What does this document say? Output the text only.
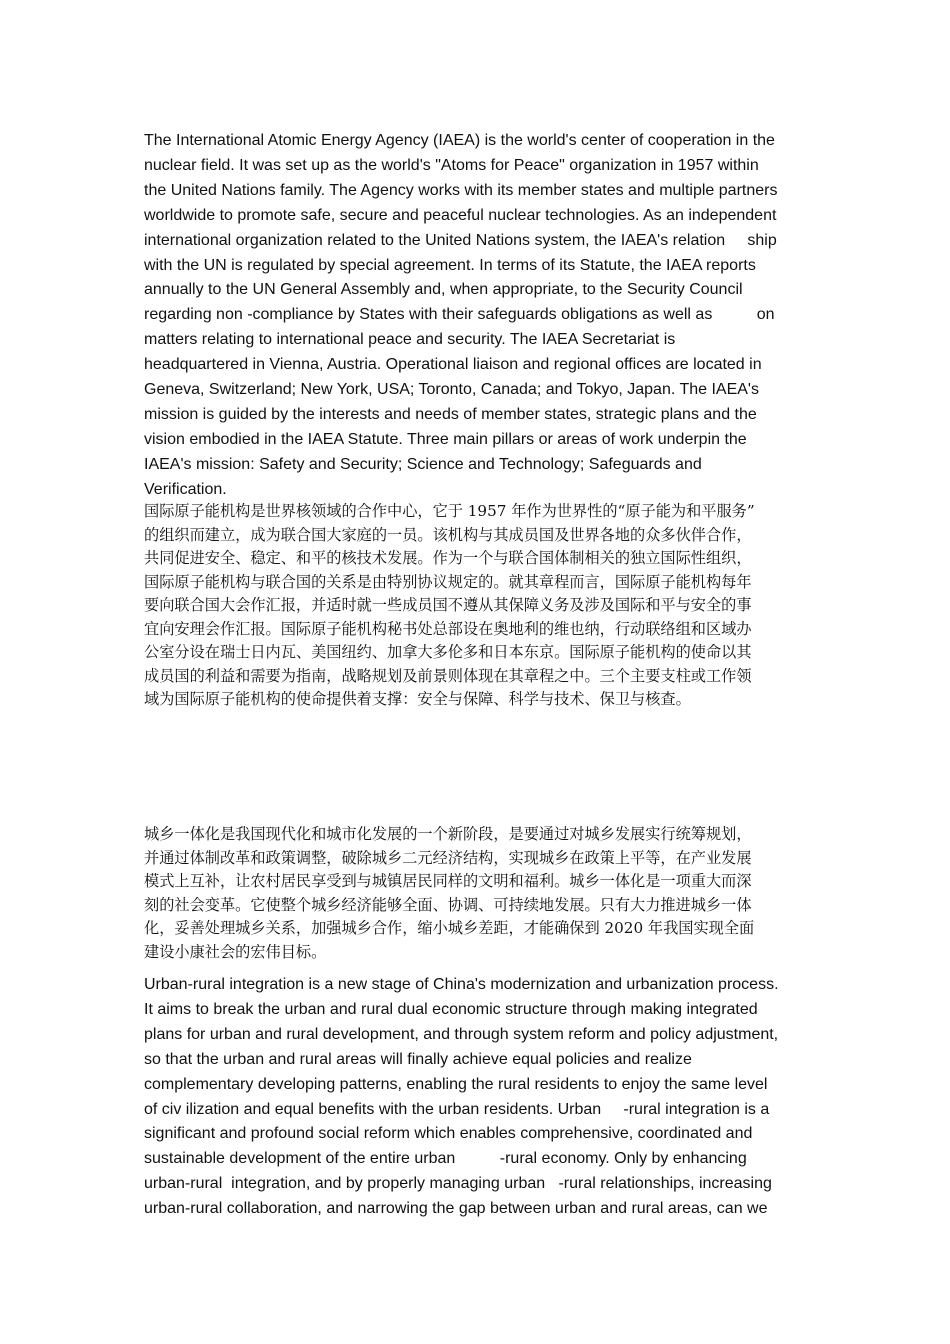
The International Atomic Energy Agency (IAEA) is the world's center of cooperation in the
nuclear field. It was set up as the world's "Atoms for Peace" organization in 1957 within
the United Nations family. The Agency works with its member states and multiple partners
worldwide to promote safe, secure and peaceful nuclear technologies. As an independent
international organization related to the United Nations system, the IAEA's relation     ship
with the UN is regulated by special agreement. In terms of its Statute, the IAEA reports
annually to the UN General Assembly and, when appropriate, to the Security Council
regarding non -compliance by States with their safeguards obligations as well as          on
matters relating to international peace and security. The IAEA Secretariat is
headquartered in Vienna, Austria. Operational liaison and regional offices are located in
Geneva, Switzerland; New York, USA; Toronto, Canada; and Tokyo, Japan. The IAEA's
mission is guided by the interests and needs of member states, strategic plans and the
vision embodied in the IAEA Statute. Three main pillars or areas of work underpin the
IAEA's mission: Safety and Security; Science and Technology; Safeguards and
Verification.
国际原子能机构是世界核领域的合作中心，它于 1957 年作为世界性的“原子能为和平服务”
的组织而建立，成为联合国大家庭的一员。该机构与其成员国及世界各地的众多伙伴合作，
共同促进安全、稳定、和平的核技术发展。作为一个与联合国体制相关的独立国际性组织，
国际原子能机构与联合国的关系是由特别协议规定的。就其章程而言，国际原子能机构每年
要向联合国大会作汇报，并适时就一些成员国不遵从其保障义务及涉及国际和平与安全的事
宜向安理会作汇报。国际原子能机构秘书处总部设在奥地利的维也纳，行动联络组和区域办
公室分设在瑞士日内瓦、美国纽约、加拿大多伦多和日本东京。国际原子能机构的使命以其
成员国的利益和需要为指南，战略规划及前景则体现在其章程之中。三个主要支柱或工作领
域为国际原子能机构的使命提供着支撑：安全与保障、科学与技术、保卫与核查。
城乡一体化是我国现代化和城市化发展的一个新阶段，是要通过对城乡发展实行统筹规划，
并通过体制改革和政策调整，破除城乡二元经济结构，实现城乡在政策上平等，在产业发展
模式上互补，让农村居民享受到与城镇居民同样的文明和福利。城乡一体化是一项重大而深
刻的社会变革。它使整个城乡经济能够全面、协调、可持续地发展。只有大力推进城乡一体
化，妥善处理城乡关系，加强城乡合作，缩小城乡差距，才能确保到 2020 年我国实现全面
建设小康社会的宏伟目标。
Urban-rural integration is a new stage of China's modernization and urbanization process.
It aims to break the urban and rural dual economic structure through making integrated
plans for urban and rural development, and through system reform and policy adjustment,
so that the urban and rural areas will finally achieve equal policies and realize
complementary developing patterns, enabling the rural residents to enjoy the same level
of civ ilization and equal benefits with the urban residents. Urban     -rural integration is a
significant and profound social reform which enables comprehensive, coordinated and
sustainable development of the entire urban          -rural economy. Only by enhancing
urban-rural  integration, and by properly managing urban   -rural relationships, increasing
urban-rural collaboration, and narrowing the gap between urban and rural areas, can we
